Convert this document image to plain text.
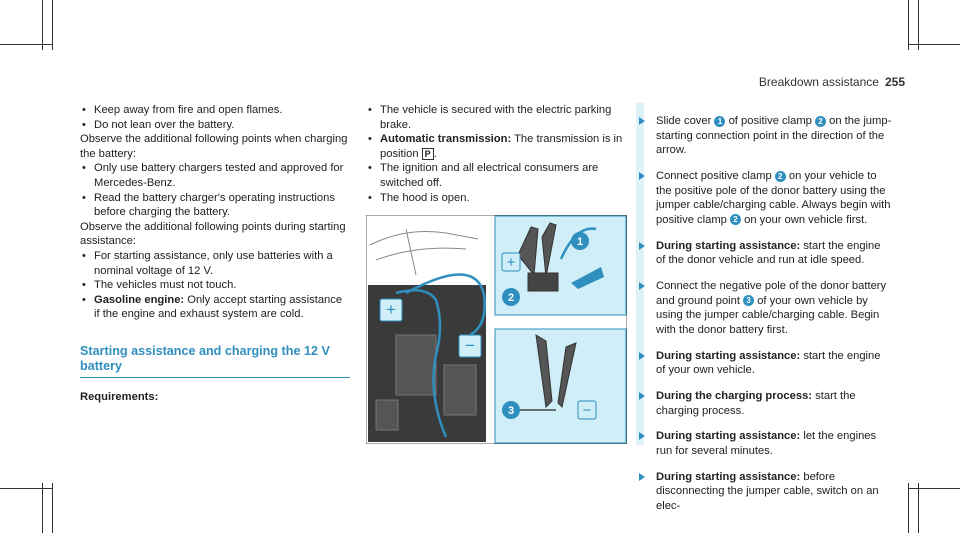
Breakdown assistance 255

• Keep away from fire and open flames.

• Do not lean over the battery.

Observe the additional following points when charging the battery:

• Only use battery chargers tested and approved for Mercedes-Benz.

• Read the battery charger's operating instructions before charging the battery.

Observe the additional following points during starting assistance:

• For starting assistance, only use batteries with a nominal voltage of 12 V.

• The vehicles must not touch.

• Gasoline engine: Only accept starting assistance if the engine and exhaust system are cold.

Starting assistance and charging the 12 V battery
Requirements:

• The vehicle is secured with the electric parking brake.

• Automatic transmission: The transmission is in position P .

• The ignition and all electrical consumers are switched off.

• The hood is open.

+
−
+
1
2
3	−

Slide cover 1 of positive clamp 2 on the jump-starting connection point in the direction of the arrow.

Connect positive clamp 2 on your vehicle to the positive pole of the donor battery using the jumper cable/charging cable. Always begin with positive clamp 2 on your own vehicle first.

During starting assistance: start the engine of the donor vehicle and run at idle speed.

Connect the negative pole of the donor battery and ground point 3 of your own vehicle by using the jumper cable/charging cable. Begin with the donor battery first.

During starting assistance: start the engine of your own vehicle.

During the charging process: start the charging process.

During starting assistance: let the engines run for several minutes.

During starting assistance: before disconnecting the jumper cable, switch on an elec-
